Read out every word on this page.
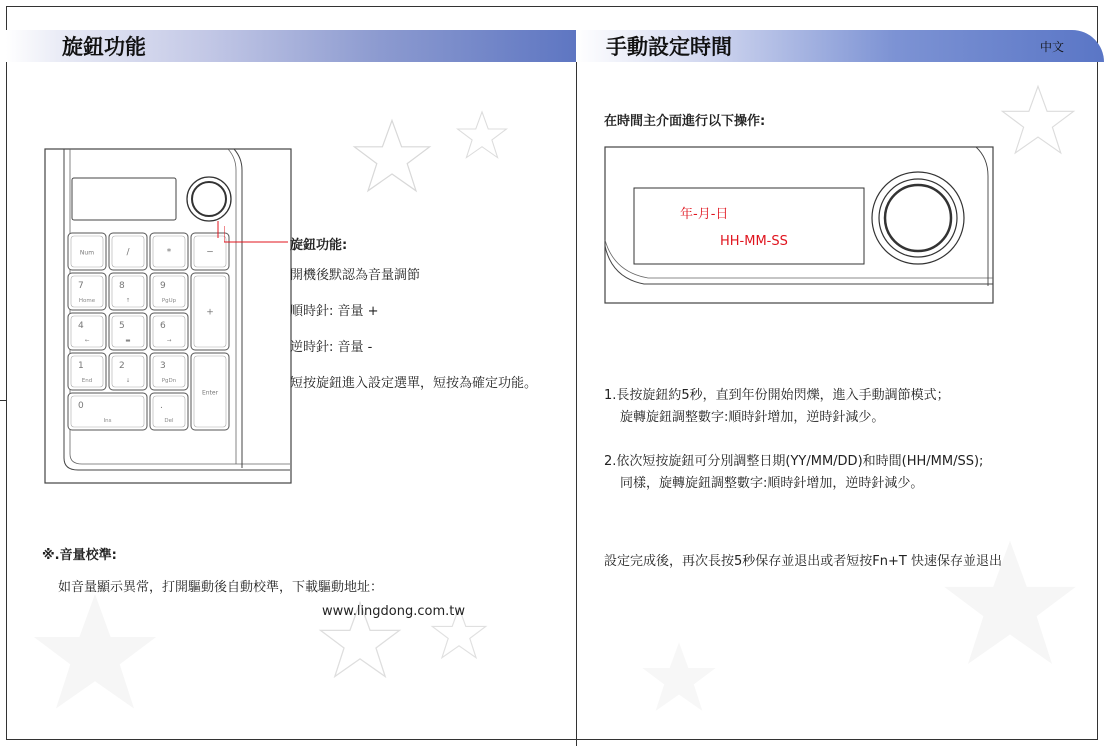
旋鈕功能	手動設定時間	中文
Num	/	*	−
7
Home
8
↑
9
PgUp
+
4
←
5
▬
6
→
1
End
2
↓
3
PgDn
Enter
0
Ins
.
Del
旋鈕功能:
開機後默認為音量調節
順時針: 音量 +
逆時針: 音量 -
短按旋鈕進入設定選單，短按為確定功能。
※.音量校準:
如音量顯示異常，打開驅動後自動校準，下載驅動地址：
www.lingdong.com.tw
在時間主介面進行以下操作:
年-月-日
HH-MM-SS
1.長按旋鈕約5秒，直到年份開始閃爍，進入手動調節模式；
旋轉旋鈕調整數字:順時針增加，逆時針減少。
2.依次短按旋鈕可分別調整日期(YY/MM/DD)和時間(HH/MM/SS);
同樣，旋轉旋鈕調整數字:順時針增加，逆時針減少。
設定完成後，再次長按5秒保存並退出或者短按Fn+T 快速保存並退出
